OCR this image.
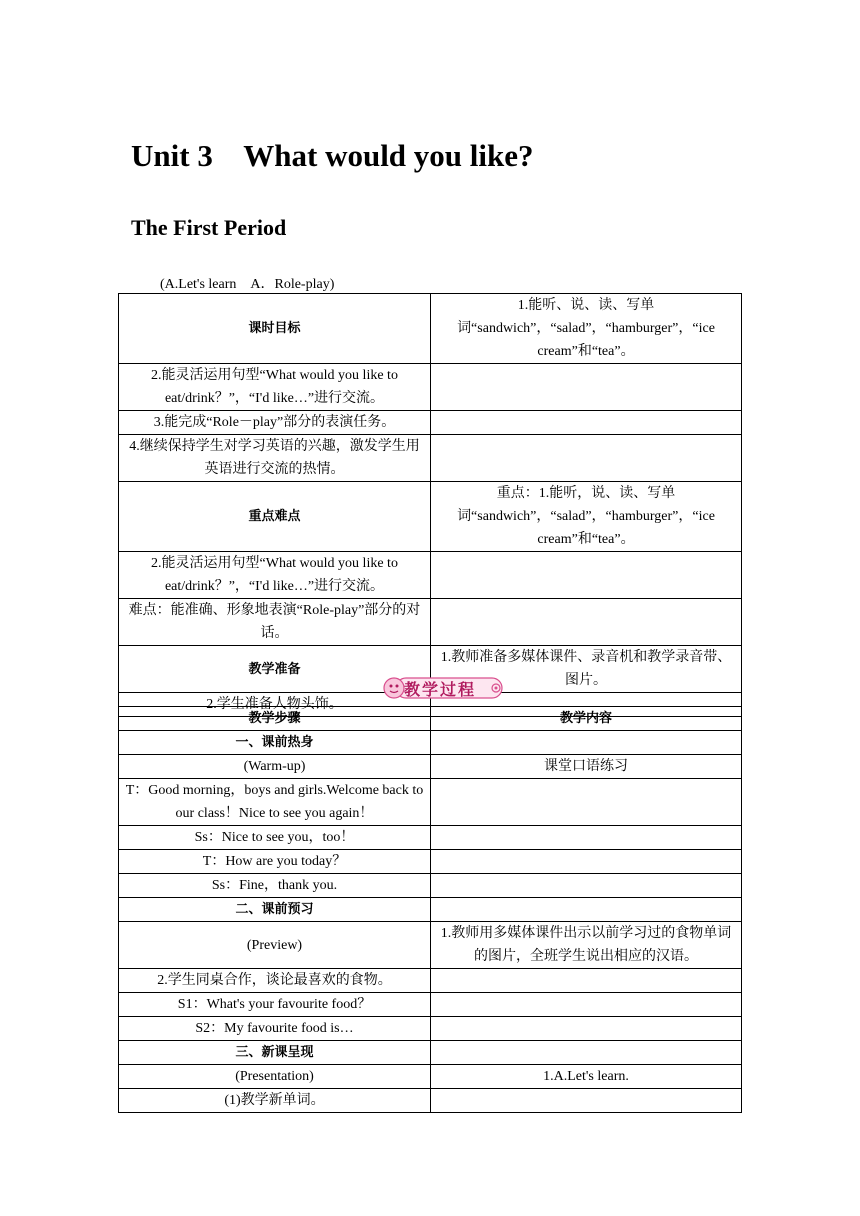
Unit 3    What would you like?
The First Period
(A.Let's learn　A．Role-play)
课时目标	1.能听、说、读、写单词“sandwich”，“salad”，“hamburger”，“ice cream”和“tea”。
2.能灵活运用句型“What would you like to eat/drink？”，“I'd like…”进行交流。	
3.能完成“Role－play”部分的表演任务。	
4.继续保持学生对学习英语的兴趣，激发学生用英语进行交流的热情。	
重点难点	重点：1.能听，说、读、写单词“sandwich”，“salad”，“hamburger”，“ice cream”和“tea”。
2.能灵活运用句型“What would you like to eat/drink？”，“I'd like…”进行交流。	
难点：能准确、形象地表演“Role-play”部分的对话。	
教学准备	1.教师准备多媒体课件、录音机和教学录音带、图片。
2.学生准备人物头饰。	
教学过程
教学步骤	教学内容
一、课前热身	
(Warm-up)	课堂口语练习
T：Good morning，boys and girls.Welcome back to our class！Nice to see you again！	
Ss：Nice to see you，too！	
T：How are you today？	
Ss：Fine，thank you.	
二、课前预习	
(Preview)	1.教师用多媒体课件出示以前学习过的食物单词的图片，全班学生说出相应的汉语。
2.学生同桌合作，谈论最喜欢的食物。	
S1：What's your favourite food？	
S2：My favourite food is…	
三、新课呈现	
(Presentation)	1.A.Let's learn.
(1)教学新单词。	
